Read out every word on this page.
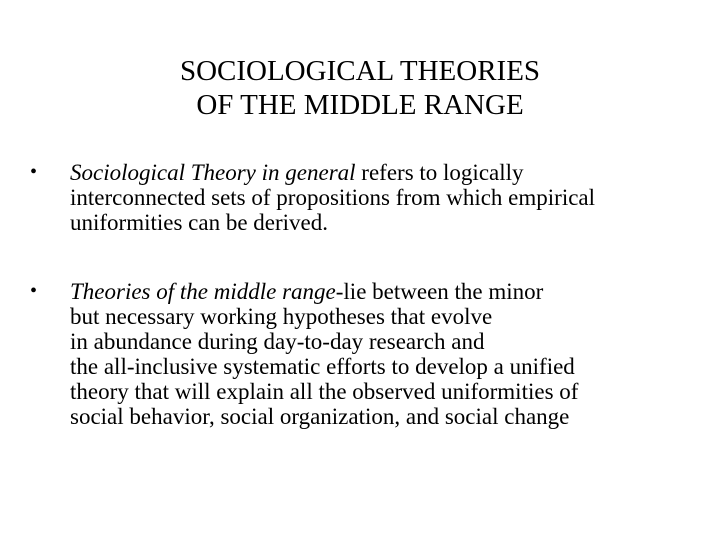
SOCIOLOGICAL THEORIES
OF THE MIDDLE RANGE
•	Sociological Theory in general refers to logically
interconnected sets of propositions from which empirical
uniformities can be derived.
•	Theories of the middle range-lie between the minor
but necessary working hypotheses that evolve
in abundance during day-to-day research and
the all-inclusive systematic efforts to develop a unified
theory that will explain all the observed uniformities of
social behavior, social organization, and social change
